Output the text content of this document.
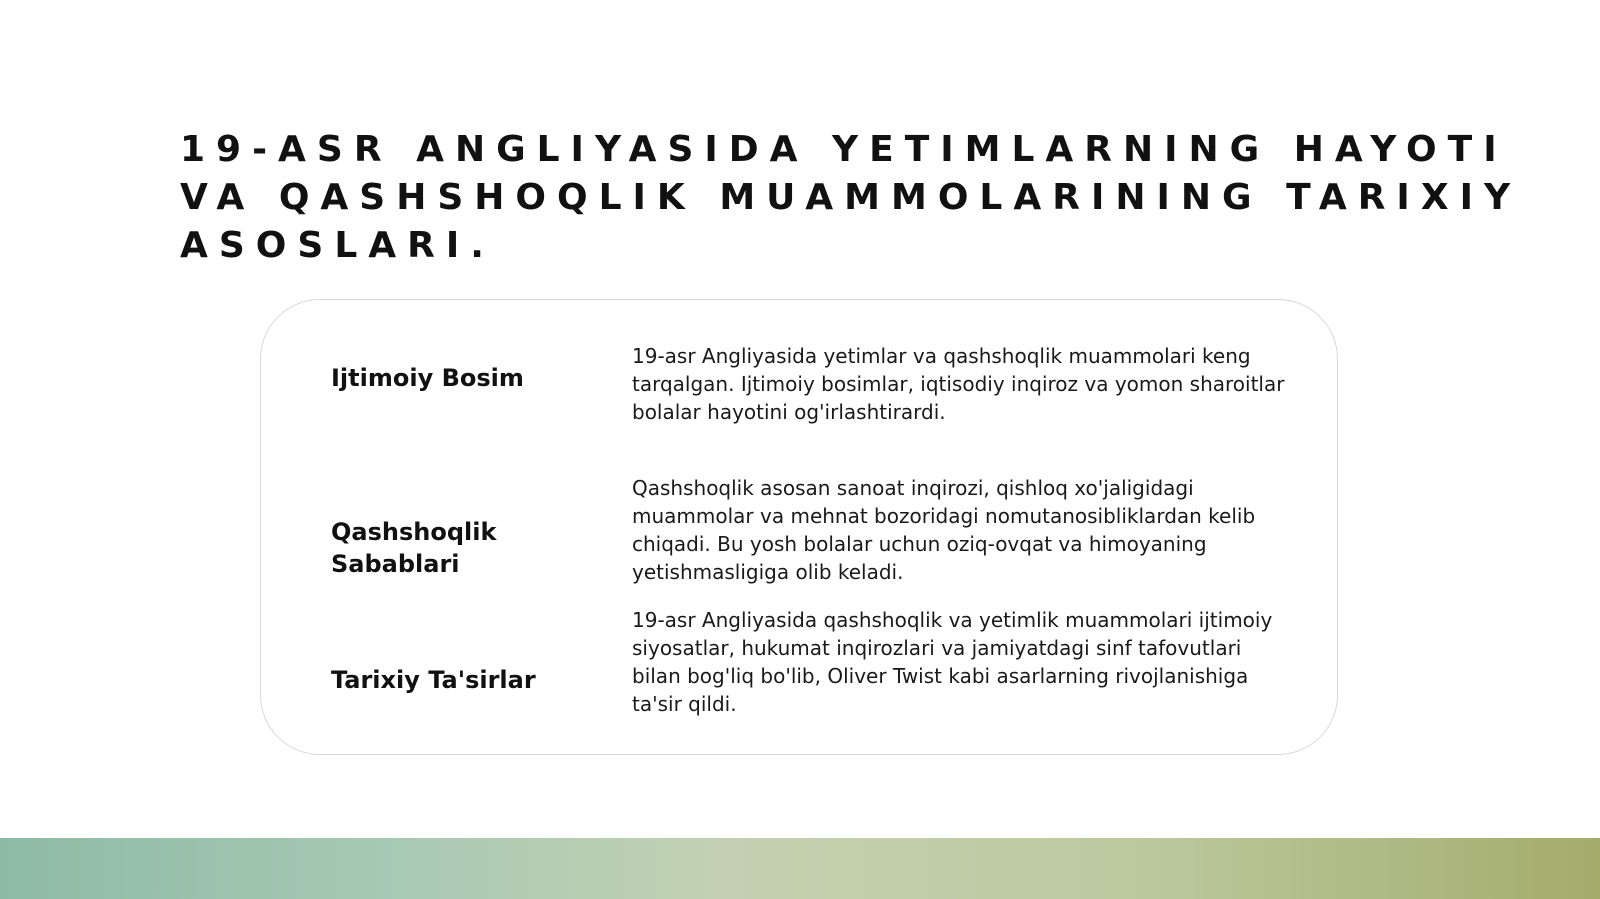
19-ASR ANGLIYASIDA YETIMLARNING HAYOTI VA QASHSHOQLIK MUAMMOLARINING TARIXIY ASOSLARI.

Ijtimoiy Bosim

19-asr Angliyasida yetimlar va qashshoqlik muammolari keng tarqalgan. Ijtimoiy bosimlar, iqtisodiy inqiroz va yomon sharoitlar bolalar hayotini og'irlashtirardi.

Qashshoqlik Sabablari

Qashshoqlik asosan sanoat inqirozi, qishloq xo'jaligidagi muammolar va mehnat bozoridagi nomutanosibliklardan kelib chiqadi. Bu yosh bolalar uchun oziq-ovqat va himoyaning yetishmasligiga olib keladi.

Tarixiy Ta'sirlar

19-asr Angliyasida qashshoqlik va yetimlik muammolari ijtimoiy siyosatlar, hukumat inqirozlari va jamiyatdagi sinf tafovutlari bilan bog'liq bo'lib, Oliver Twist kabi asarlarning rivojlanishiga ta'sir qildi.
